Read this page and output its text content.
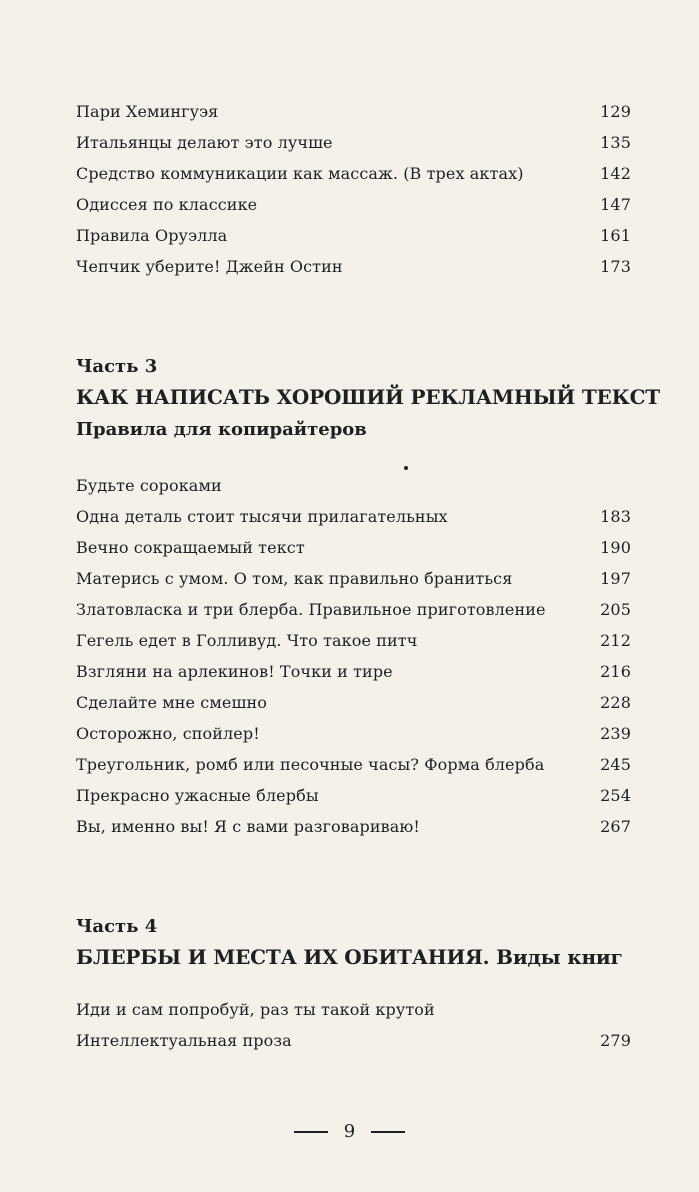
Пари Хемингуэя	129
Итальянцы делают это лучше	135
Средство коммуникации как массаж. (В трех актах)	142
Одиссея по классике	147
Правила Оруэлла	161
Чепчик уберите! Джейн Остин	173
Часть 3
КАК НАПИСАТЬ ХОРОШИЙ РЕКЛАМНЫЙ ТЕКСТ
Правила для копирайтеров
Будьте сороками
Одна деталь стоит тысячи прилагательных	183
Вечно сокращаемый текст	190
Матерись с умом. О том, как правильно браниться	197
Златовласка и три блерба. Правильное приготовление	205
Гегель едет в Голливуд. Что такое питч	212
Взгляни на арлекинов! Точки и тире	216
Сделайте мне смешно	228
Осторожно, спойлер!	239
Треугольник, ромб или песочные часы? Форма блерба	245
Прекрасно ужасные блербы	254
Вы, именно вы! Я с вами разговариваю!	267
Часть 4
БЛЕРБЫ И МЕСТА ИХ ОБИТАНИЯ. Виды книг
Иди и сам попробуй, раз ты такой крутой
Интеллектуальная проза	279
9
